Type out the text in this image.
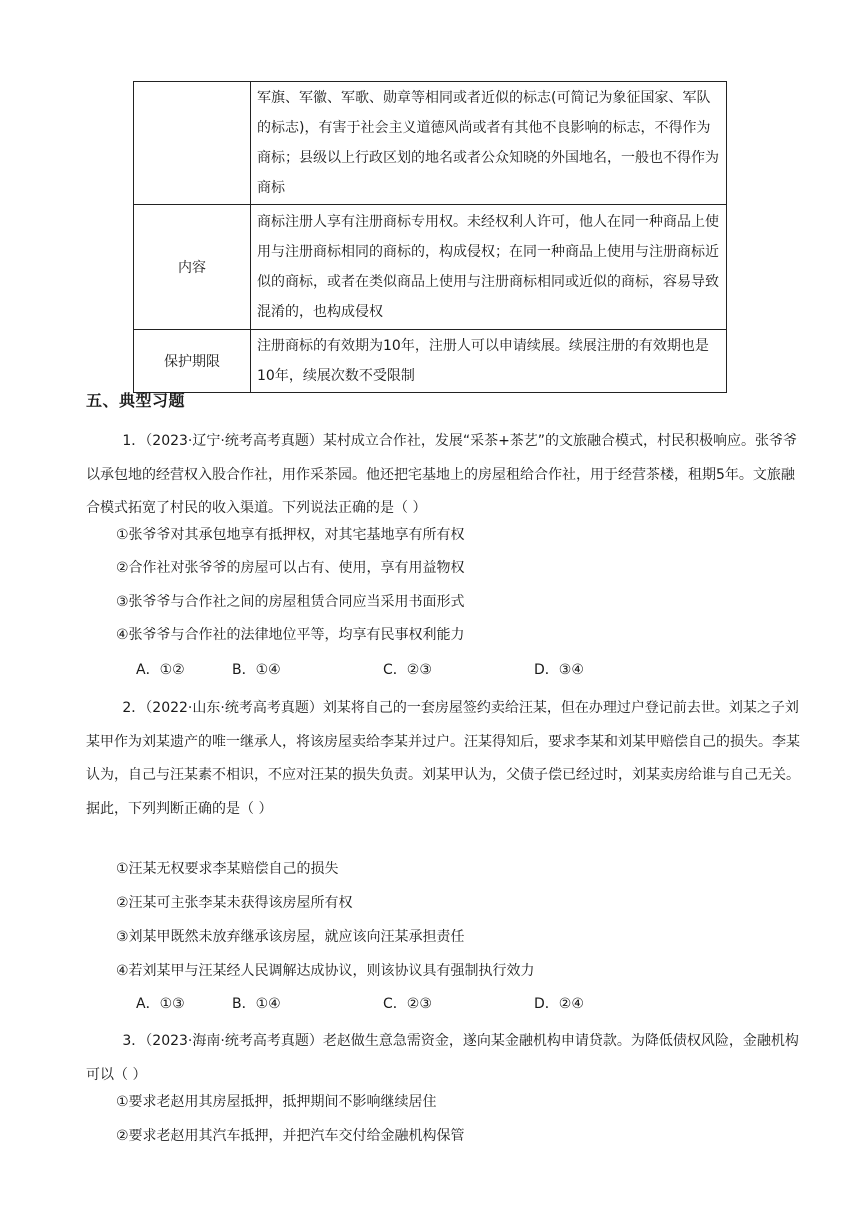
	军旗、军徽、军歌、勋章等相同或者近似的标志(可简记为象征国家、军队的标志)，有害于社会主义道德风尚或者有其他不良影响的标志，不得作为商标；县级以上行政区划的地名或者公众知晓的外国地名，一般也不得作为商标
内容	商标注册人享有注册商标专用权。未经权利人许可，他人在同一种商品上使用与注册商标相同的商标的，构成侵权；在同一种商品上使用与注册商标近似的商标，或者在类似商品上使用与注册商标相同或近似的商标，容易导致混淆的，也构成侵权
保护期限	注册商标的有效期为10年，注册人可以申请续展。续展注册的有效期也是10年，续展次数不受限制
五、典型习题
1．（2023·辽宁·统考高考真题）某村成立合作社，发展“采茶+茶艺”的文旅融合模式，村民积极响应。张爷爷以承包地的经营权入股合作社，用作采茶园。他还把宅基地上的房屋租给合作社，用于经营茶楼，租期5年。文旅融合模式拓宽了村民的收入渠道。下列说法正确的是（ ）
①张爷爷对其承包地享有抵押权，对其宅基地享有所有权
②合作社对张爷爷的房屋可以占有、使用，享有用益物权
③张爷爷与合作社之间的房屋租赁合同应当采用书面形式
④张爷爷与合作社的法律地位平等，均享有民事权利能力
A．①②	B．①④	C．②③	D．③④
2．（2022·山东·统考高考真题）刘某将自己的一套房屋签约卖给汪某，但在办理过户登记前去世。刘某之子刘某甲作为刘某遗产的唯一继承人，将该房屋卖给李某并过户。汪某得知后，要求李某和刘某甲赔偿自己的损失。李某认为，自己与汪某素不相识，不应对汪某的损失负责。刘某甲认为，父债子偿已经过时，刘某卖房给谁与自己无关。据此，下列判断正确的是（ ）
①汪某无权要求李某赔偿自己的损失
②汪某可主张李某未获得该房屋所有权
③刘某甲既然未放弃继承该房屋，就应该向汪某承担责任
④若刘某甲与汪某经人民调解达成协议，则该协议具有强制执行效力
A．①③	B．①④	C．②③	D．②④
3．（2023·海南·统考高考真题）老赵做生意急需资金，遂向某金融机构申请贷款。为降低债权风险，金融机构可以（ ）
①要求老赵用其房屋抵押，抵押期间不影响继续居住
②要求老赵用其汽车抵押，并把汽车交付给金融机构保管
